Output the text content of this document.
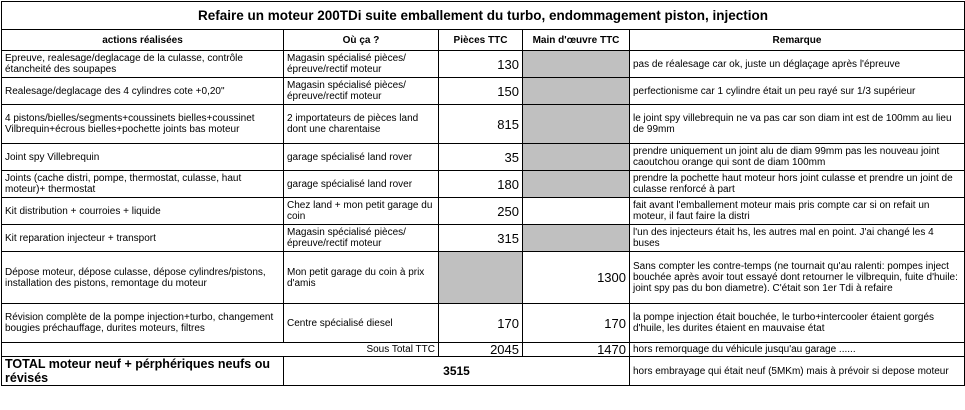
Refaire un moteur 200TDi suite emballement du turbo, endommagement piston, injection				
actions réalisées	Où ça ?	Pièces TTC	Main d'œuvre TTC	Remarque
Epreuve, realesage/deglacage de la culasse, contrôle étancheité des soupapes	Magasin spécialisé pièces/épreuve/rectif moteur	130		pas de réalesage car ok, juste un déglaçage après l'épreuve
Realesage/deglacage des 4 cylindres cote +0,20"	Magasin spécialisé pièces/épreuve/rectif moteur	150		perfectionisme car 1 cylindre était un peu rayé sur 1/3 supérieur
4 pistons/bielles/segments+coussinets bielles+coussinet Vilbrequin+écrous bielles+pochette joints bas moteur	2 importateurs de pièces land dont une charentaise	815		le joint spy villebrequin ne va pas car son diam int est de 100mm au lieu de 99mm
Joint spy Villebrequin	garage spécialisé land rover	35		prendre uniquement un joint alu de diam 99mm pas les nouveau joint caoutchou orange qui sont de diam 100mm
Joints (cache distri, pompe, thermostat, culasse, haut moteur)+ thermostat	garage spécialisé land rover	180		prendre la pochette haut moteur hors joint culasse et prendre un joint de culasse renforcé à part
Kit distribution + courroies + liquide	Chez land + mon petit garage du coin	250		fait avant l'emballement moteur mais pris compte car si on refait un moteur, il faut faire la distri
Kit reparation injecteur + transport	Magasin spécialisé pièces/épreuve/rectif moteur	315		l'un des injecteurs était hs, les autres mal en point. J'ai changé les 4 buses
Dépose moteur, dépose culasse, dépose cylindres/pistons, installation des pistons, remontage du moteur	Mon petit garage du coin à prix d'amis		1300	Sans compter les contre-temps (ne tournait qu'au ralenti: pompes inject bouchée après avoir tout essayé dont retourner le vilbrequin, fuite d'huile: joint spy pas du bon diametre). C'était son 1er Tdi à refaire
Révision complète de la pompe injection+turbo, changement bougies préchauffage, durites moteurs, filtres	Centre spécialisé diesel	170	170	la pompe injection était bouchée, le turbo+intercooler étaient gorgés d'huile, les durites étaient en mauvaise état
Sous Total TTC		2045	1470	hors remorquage du véhicule jusqu'au garage ......
TOTAL moteur neuf + pérphériques neufs ou révisés	3515			hors embrayage qui était neuf (5MKm) mais à prévoir si depose moteur
